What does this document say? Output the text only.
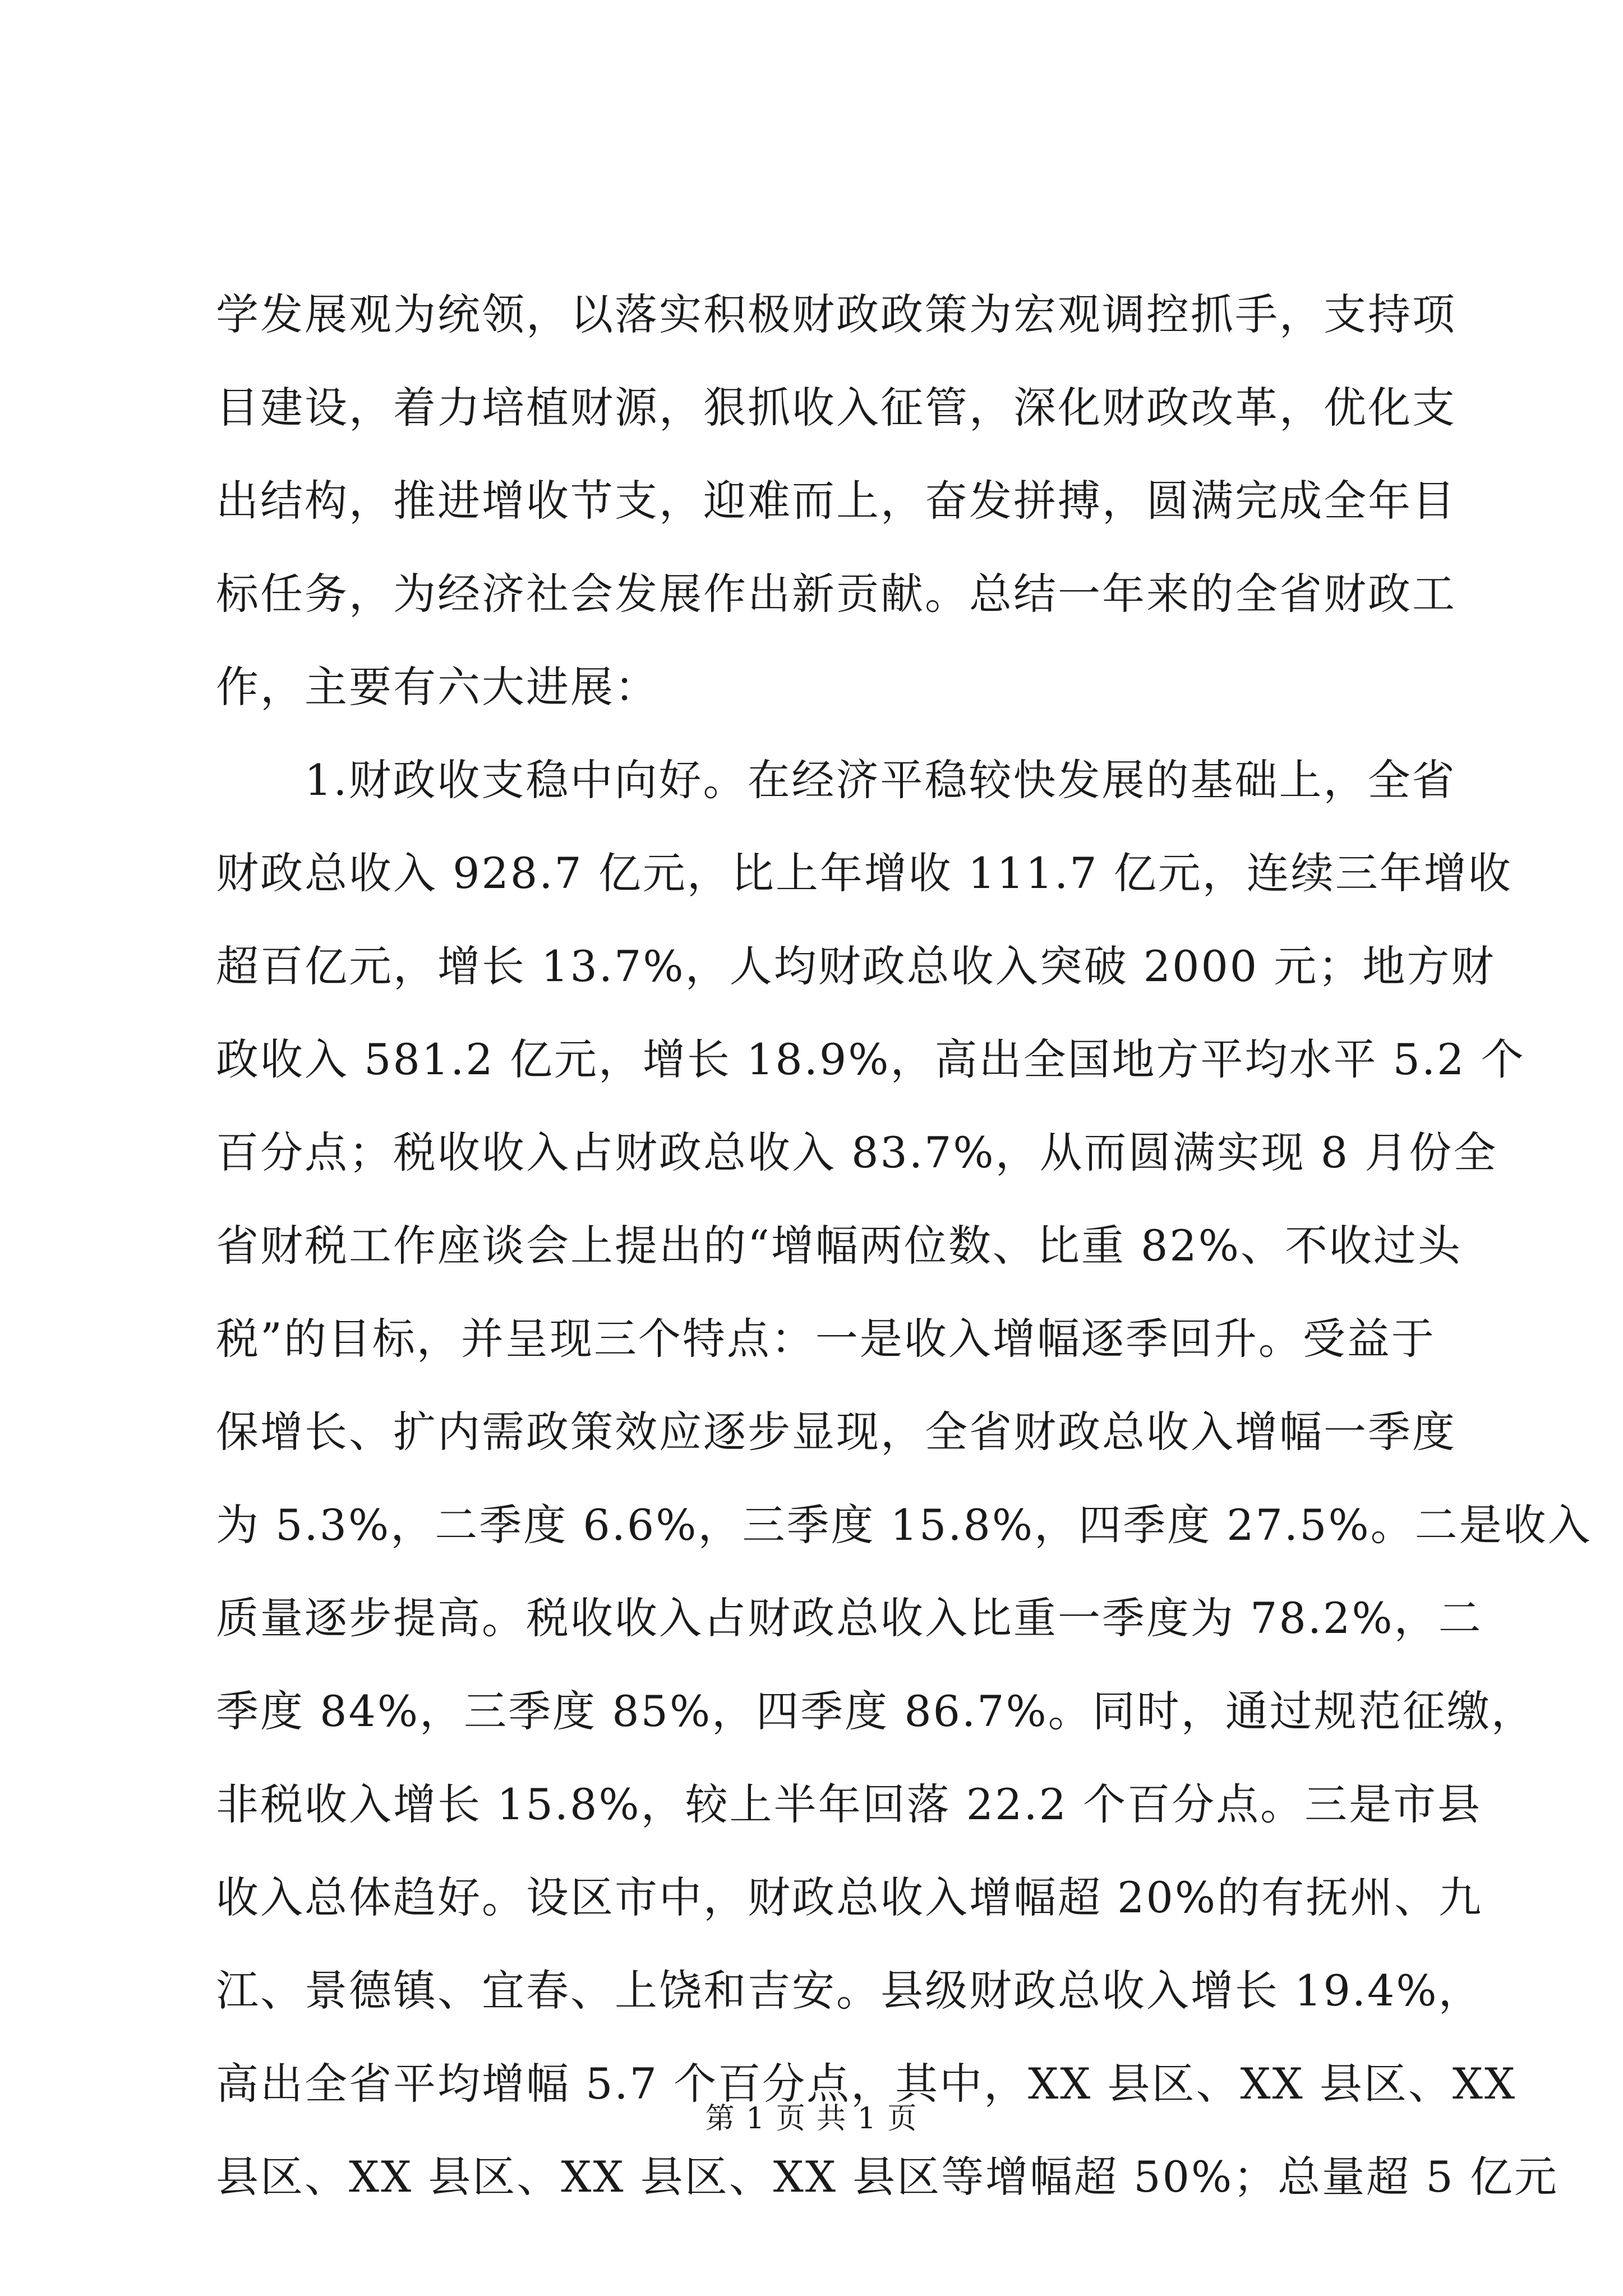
学发展观为统领，以落实积极财政政策为宏观调控抓手，支持项
目建设，着力培植财源，狠抓收入征管，深化财政改革，优化支
出结构，推进增收节支，迎难而上，奋发拼搏，圆满完成全年目
标任务，为经济社会发展作出新贡献。总结一年来的全省财政工
作，主要有六大进展：
1.财政收支稳中向好。在经济平稳较快发展的基础上，全省
财政总收入 928.7 亿元，比上年增收 111.7 亿元，连续三年增收
超百亿元，增长 13.7%，人均财政总收入突破 2000 元；地方财
政收入 581.2 亿元，增长 18.9%，高出全国地方平均水平 5.2 个
百分点；税收收入占财政总收入 83.7%，从而圆满实现 8 月份全
省财税工作座谈会上提出的“增幅两位数、比重 82%、不收过头
税”的目标，并呈现三个特点：一是收入增幅逐季回升。受益于
保增长、扩内需政策效应逐步显现，全省财政总收入增幅一季度
为 5.3%，二季度 6.6%，三季度 15.8%，四季度 27.5%。二是收入
质量逐步提高。税收收入占财政总收入比重一季度为 78.2%，二
季度 84%，三季度 85%，四季度 86.7%。同时，通过规范征缴，
非税收入增长 15.8%，较上半年回落 22.2 个百分点。三是市县
收入总体趋好。设区市中，财政总收入增幅超 20%的有抚州、九
江、景德镇、宜春、上饶和吉安。县级财政总收入增长 19.4%，
高出全省平均增幅 5.7 个百分点，其中，XX 县区、XX 县区、XX
县区、XX 县区、XX 县区、XX 县区等增幅超 50%；总量超 5 亿元
第 1 页 共 1 页
